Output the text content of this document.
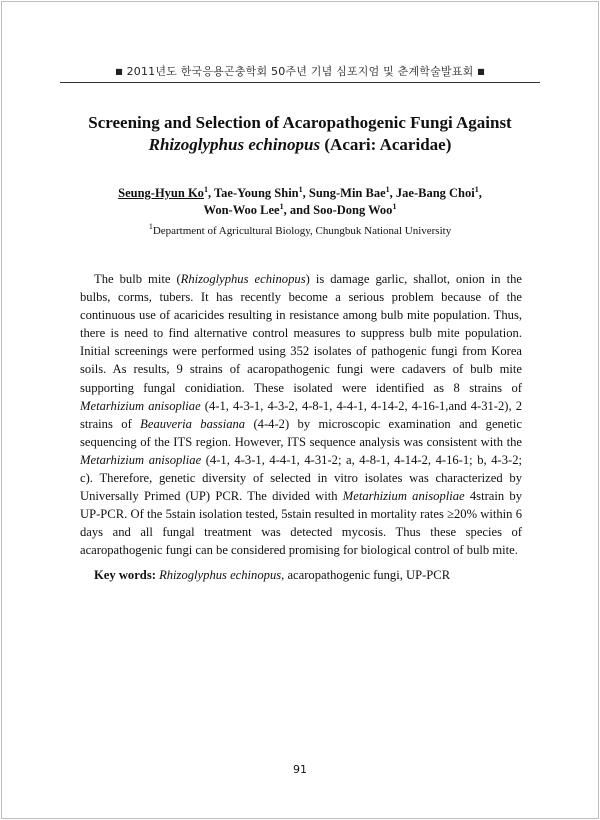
■ 2011년도 한국응용곤충학회 50주년 기념 심포지엄 및 춘계학술발표회 ■
Screening and Selection of Acaropathogenic Fungi Against
Rhizoglyphus echinopus (Acari: Acaridae)
Seung-Hyun Ko$^1$, Tae-Young Shin$^1$, Sung-Min Bae$^1$, Jae-Bang Choi$^1$,
Won-Woo Lee$^1$, and Soo-Dong Woo$^1$
$^1$Department of Agricultural Biology, Chungbuk National University
The bulb mite (Rhizoglyphus echinopus) is damage garlic, shallot, onion in the bulbs, corms, tubers. It has recently become a serious problem because of the continuous use of acaricides resulting in resistance among bulb mite population. Thus, there is need to find alternative control measures to suppress bulb mite population. Initial screenings were performed using 352 isolates of pathogenic fungi from Korea soils. As results, 9 strains of acaropathogenic fungi were cadavers of bulb mite supporting fungal conidiation. These isolated were identified as 8 strains of Metarhizium anisopliae (4-1, 4-3-1, 4-3-2, 4-8-1, 4-4-1, 4-14-2, 4-16-1,and 4-31-2), 2 strains of Beauveria bassiana (4-4-2) by microscopic examination and genetic sequencing of the ITS region. However, ITS sequence analysis was consistent with the Metarhizium anisopliae (4-1, 4-3-1, 4-4-1, 4-31-2; a, 4-8-1, 4-14-2, 4-16-1; b, 4-3-2; c). Therefore, genetic diversity of selected in vitro isolates was characterized by Universally Primed (UP) PCR. The divided with Metarhizium anisopliae 4strain by UP-PCR. Of the 5stain isolation tested, 5stain resulted in mortality rates ≥20% within 6 days and all fungal treatment was detected mycosis. Thus these species of acaropathogenic fungi can be considered promising for biological control of bulb mite.
Key words: Rhizoglyphus echinopus, acaropathogenic fungi, UP-PCR
91
